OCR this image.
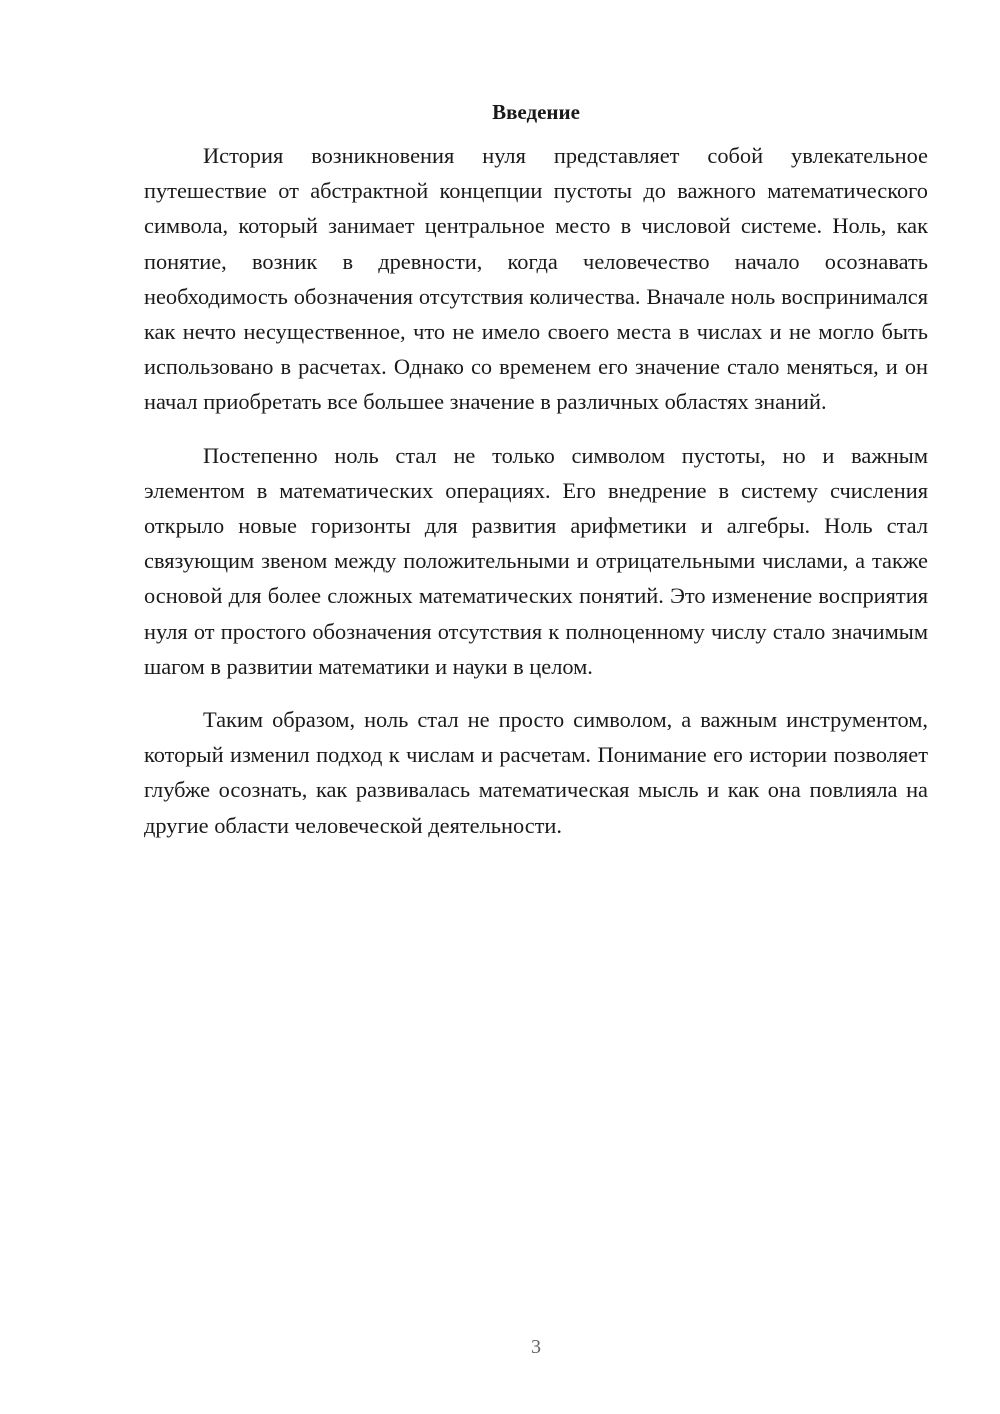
Введение

История возникновения нуля представляет собой увлекательное путешествие от абстрактной концепции пустоты до важного математического символа, который занимает центральное место в числовой системе. Ноль, как понятие, возник в древности, когда человечество начало осознавать необходимость обозначения отсутствия количества. Вначале ноль воспринимался как нечто несущественное, что не имело своего места в числах и не могло быть использовано в расчетах. Однако со временем его значение стало меняться, и он начал приобретать все большее значение в различных областях знаний.

Постепенно ноль стал не только символом пустоты, но и важным элементом в математических операциях. Его внедрение в систему счисления открыло новые горизонты для развития арифметики и алгебры. Ноль стал связующим звеном между положительными и отрицательными числами, а также основой для более сложных математических понятий. Это изменение восприятия нуля от простого обозначения отсутствия к полноценному числу стало значимым шагом в развитии математики и науки в целом.

Таким образом, ноль стал не просто символом, а важным инструментом, который изменил подход к числам и расчетам. Понимание его истории позволяет глубже осознать, как развивалась математическая мысль и как она повлияла на другие области человеческой деятельности.

3
